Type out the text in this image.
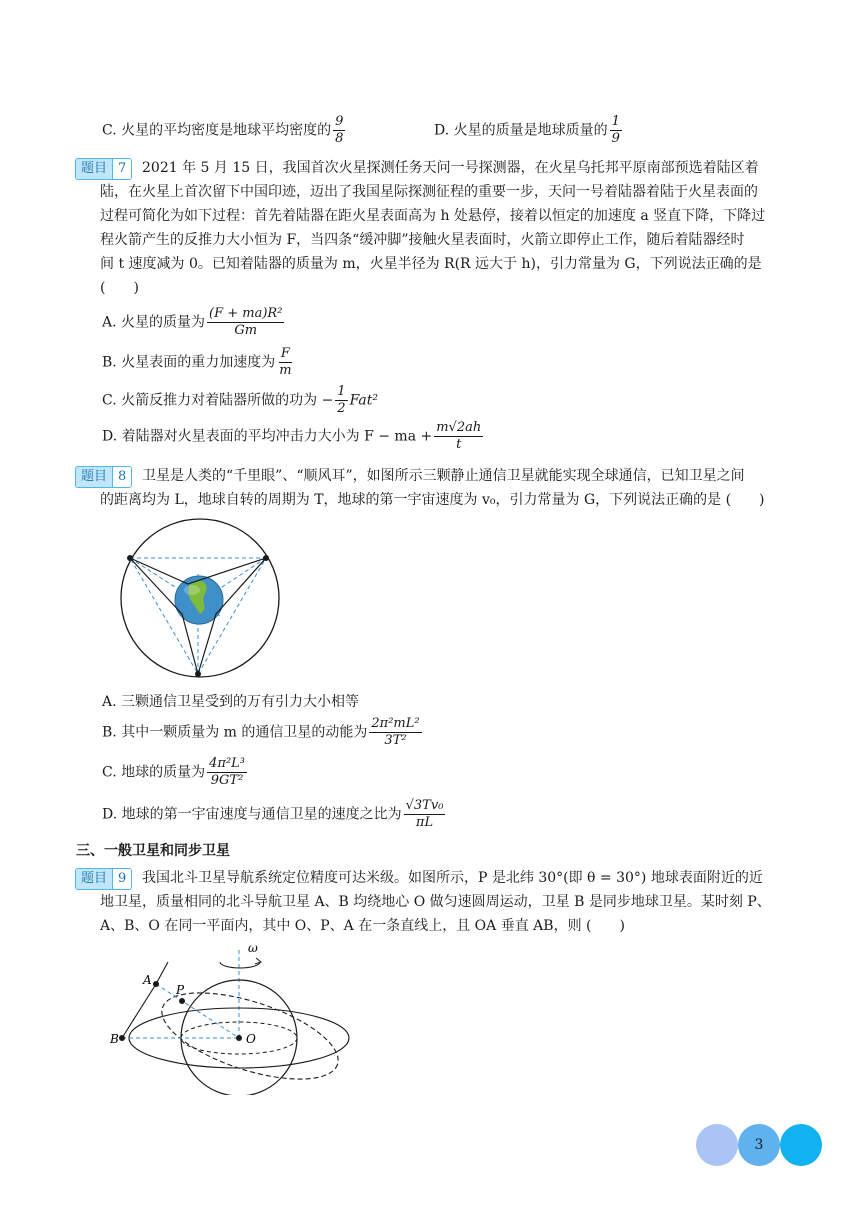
C. 火星的平均密度是地球平均密度的 $\frac{9}{8}$	D. 火星的质量是地球质量的 $\frac{1}{9}$
题目 7	2021 年 5 月 15 日，我国首次火星探测任务天问一号探测器，在火星乌托邦平原南部预选着陆区着
陆，在火星上首次留下中国印迹，迈出了我国星际探测征程的重要一步，天问一号着陆器着陆于火星表面的
过程可简化为如下过程：首先着陆器在距火星表面高为 h 处悬停，接着以恒定的加速度 a 竖直下降，下降过
程火箭产生的反推力大小恒为 F，当四条“缓冲脚”接触火星表面时，火箭立即停止工作，随后着陆器经时
间 t 速度减为 0。已知着陆器的质量为 m，火星半径为 R(R 远大于 h)，引力常量为 G，下列说法正确的是
(　　)
A. 火星的质量为 $\frac{\text{(F + ma)R²}}{Gm}$
B. 火星表面的重力加速度为 $\frac{F}{m}$
C. 火箭反推力对着陆器所做的功为 − $\frac{1}{2} Fat^2$
D. 着陆器对火星表面的平均冲击力大小为 F − ma + $\frac{m√2ah}{t}$
题目 8	卫星是人类的“千里眼”、“顺风耳”，如图所示三颗静止通信卫星就能实现全球通信，已知卫星之间
的距离均为 L，地球自转的周期为 T，地球的第一宇宙速度为 v₀，引力常量为 G，下列说法正确的是 (　　)
A. 三颗通信卫星受到的万有引力大小相等
B. 其中一颗质量为 m 的通信卫星的动能为 $\frac{\text{2π²mL²}}{\text{3T²}}$
C. 地球的质量为 $\frac{\text{4π²L³}}{\text{9GT²}}$
D. 地球的第一宇宙速度与通信卫星的速度之比为 $\frac{\text{√3Tv₀}}{\pi L}$
三、一般卫星和同步卫星
题目 9	我国北斗卫星导航系统定位精度可达米级。如图所示，P 是北纬 30°(即 θ = 30°) 地球表面附近的近
地卫星，质量相同的北斗导航卫星 A、B 均绕地心 O 做匀速圆周运动，卫星 B 是同步地球卫星。某时刻 P、
A、B、O 在同一平面内，其中 O、P、A 在一条直线上，且 OA 垂直 AB，则 (　　)
ω
A
P
B	O
3
